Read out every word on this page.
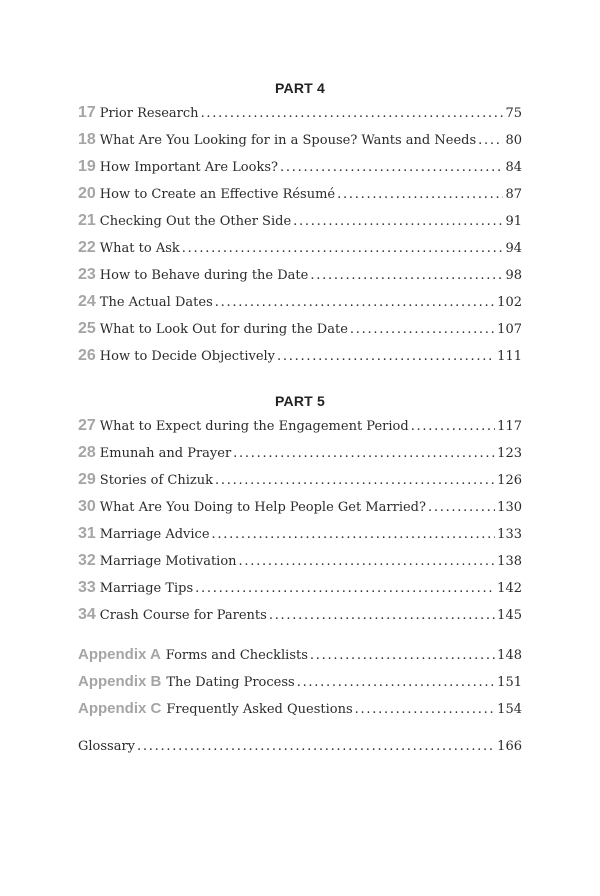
PART 4
17 Prior Research . . .	75
18 What Are You Looking for in a Spouse? Wants and Needs . . . 80
19 How Important Are Looks? . . .	84
20 How to Create an Effective Résumé . . .	87
21 Checking Out the Other Side . . .	91
22 What to Ask . . .	94
23 How to Behave during the Date . . .	98
24 The Actual Dates . . .	102
25 What to Look Out for during the Date . . .	107
26 How to Decide Objectively . . .	111
PART 5
27 What to Expect during the Engagement Period . . .	117
28 Emunah and Prayer . . .	123
29 Stories of Chizuk . . .	126
30 What Are You Doing to Help People Get Married? . . .	130
31 Marriage Advice . . .	133
32 Marriage Motivation . . .	138
33 Marriage Tips . . .	142
34 Crash Course for Parents . . .	145
Appendix A Forms and Checklists . . .	148
Appendix B The Dating Process . . .	151
Appendix C Frequently Asked Questions . . .	154
Glossary . . .	166
